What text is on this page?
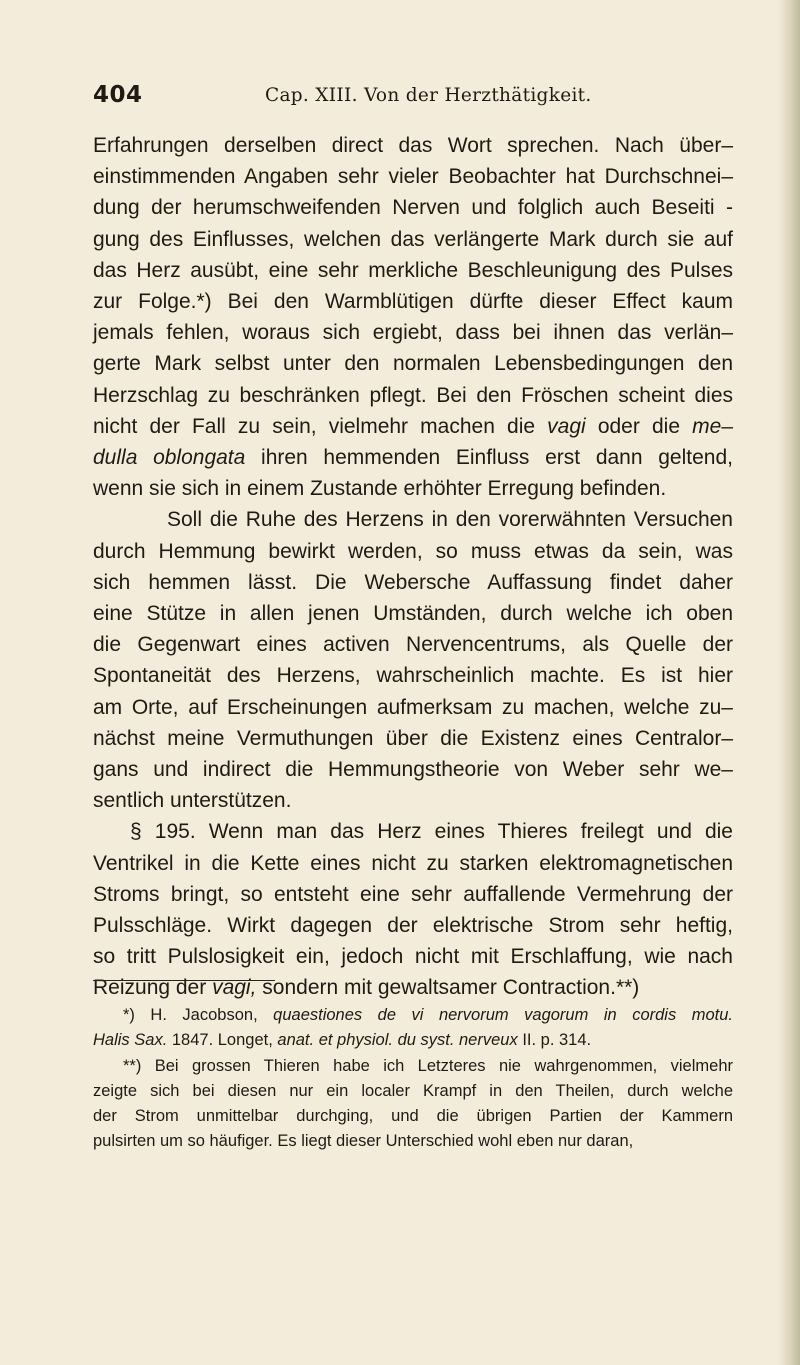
404	Cap. XIII. Von der Herzthätigkeit.
Erfahrungen derselben direct das Wort sprechen. Nach über–
einstimmenden Angaben sehr vieler Beobachter hat Durchschnei–
dung der herumschweifenden Nerven und folglich auch Beseiti -
gung des Einflusses, welchen das verlängerte Mark durch sie auf
das Herz ausübt, eine sehr merkliche Beschleunigung des Pulses
zur Folge.*) Bei den Warmblütigen dürfte dieser Effect kaum
jemals fehlen, woraus sich ergiebt, dass bei ihnen das verlän–
gerte Mark selbst unter den normalen Lebensbedingungen den
Herzschlag zu beschränken pflegt. Bei den Fröschen scheint dies
nicht der Fall zu sein, vielmehr machen die vagi oder die me–
dulla oblongata ihren hemmenden Einfluss erst dann geltend,
wenn sie sich in einem Zustande erhöhter Erregung befinden.
Soll die Ruhe des Herzens in den vorerwähnten Versuchen
durch Hemmung bewirkt werden, so muss etwas da sein, was
sich hemmen lässt. Die Webersche Auffassung findet daher
eine Stütze in allen jenen Umständen, durch welche ich oben
die Gegenwart eines activen Nervencentrums, als Quelle der
Spontaneität des Herzens, wahrscheinlich machte. Es ist hier
am Orte, auf Erscheinungen aufmerksam zu machen, welche zu–
nächst meine Vermuthungen über die Existenz eines Centralor–
gans und indirect die Hemmungstheorie von Weber sehr we–
sentlich unterstützen.
§ 195. Wenn man das Herz eines Thieres freilegt und die
Ventrikel in die Kette eines nicht zu starken elektromagnetischen
Stroms bringt, so entsteht eine sehr auffallende Vermehrung der
Pulsschläge. Wirkt dagegen der elektrische Strom sehr heftig,
so tritt Pulslosigkeit ein, jedoch nicht mit Erschlaffung, wie nach
Reizung der vagi, sondern mit gewaltsamer Contraction.**)
*) H. Jacobson, quaestiones de vi nervorum vagorum in cordis motu.
Halis Sax. 1847. Longet, anat. et physiol. du syst. nerveux II. p. 314.
**) Bei grossen Thieren habe ich Letzteres nie wahrgenommen, vielmehr
zeigte sich bei diesen nur ein localer Krampf in den Theilen, durch welche
der Strom unmittelbar durchging, und die übrigen Partien der Kammern
pulsirten um so häufiger. Es liegt dieser Unterschied wohl eben nur daran,
